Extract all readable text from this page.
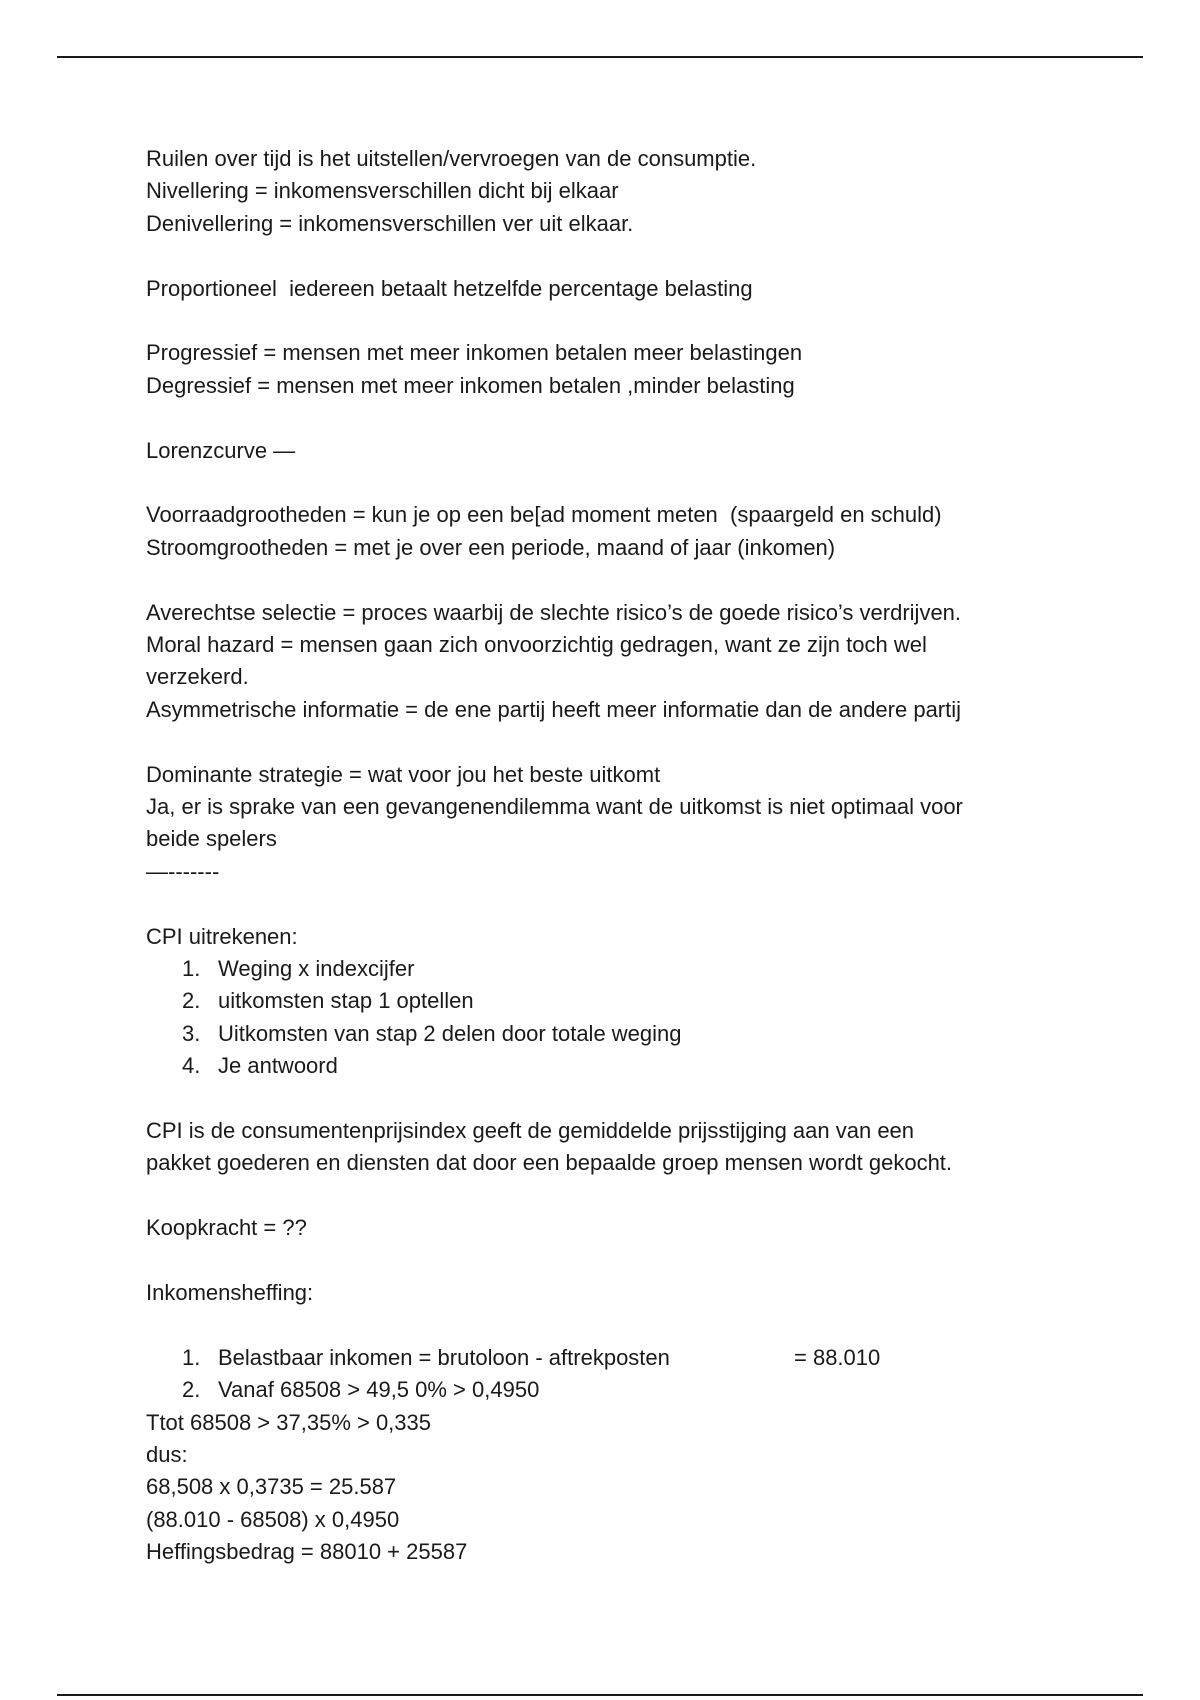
Ruilen over tijd is het uitstellen/vervroegen van de consumptie.
Nivellering = inkomensverschillen dicht bij elkaar
Denivellering = inkomensverschillen ver uit elkaar.
Proportioneel  iedereen betaalt hetzelfde percentage belasting
Progressief = mensen met meer inkomen betalen meer belastingen
Degressief = mensen met meer inkomen betalen ,minder belasting
Lorenzcurve —
Voorraadgrootheden = kun je op een be[ad moment meten  (spaargeld en schuld)
Stroomgrootheden = met je over een periode, maand of jaar (inkomen)
Averechtse selectie = proces waarbij de slechte risico’s de goede risico’s verdrijven.
Moral hazard = mensen gaan zich onvoorzichtig gedragen, want ze zijn toch wel
verzekerd.
Asymmetrische informatie = de ene partij heeft meer informatie dan de andere partij
Dominante strategie = wat voor jou het beste uitkomt
Ja, er is sprake van een gevangenendilemma want de uitkomst is niet optimaal voor
beide spelers
—-------
CPI uitrekenen:
1. Weging x indexcijfer
2. uitkomsten stap 1 optellen
3. Uitkomsten van stap 2 delen door totale weging
4. Je antwoord
CPI is de consumentenprijsindex geeft de gemiddelde prijsstijging aan van een
pakket goederen en diensten dat door een bepaalde groep mensen wordt gekocht.
Koopkracht = ??
Inkomensheffing:
1. Belastbaar inkomen = brutoloon - aftrekposten	= 88.010
2. Vanaf 68508 > 49,5 0% > 0,4950
Ttot 68508 > 37,35% > 0,335
dus:
68,508 x 0,3735 = 25.587
(88.010 - 68508) x 0,4950
Heffingsbedrag = 88010 + 25587
